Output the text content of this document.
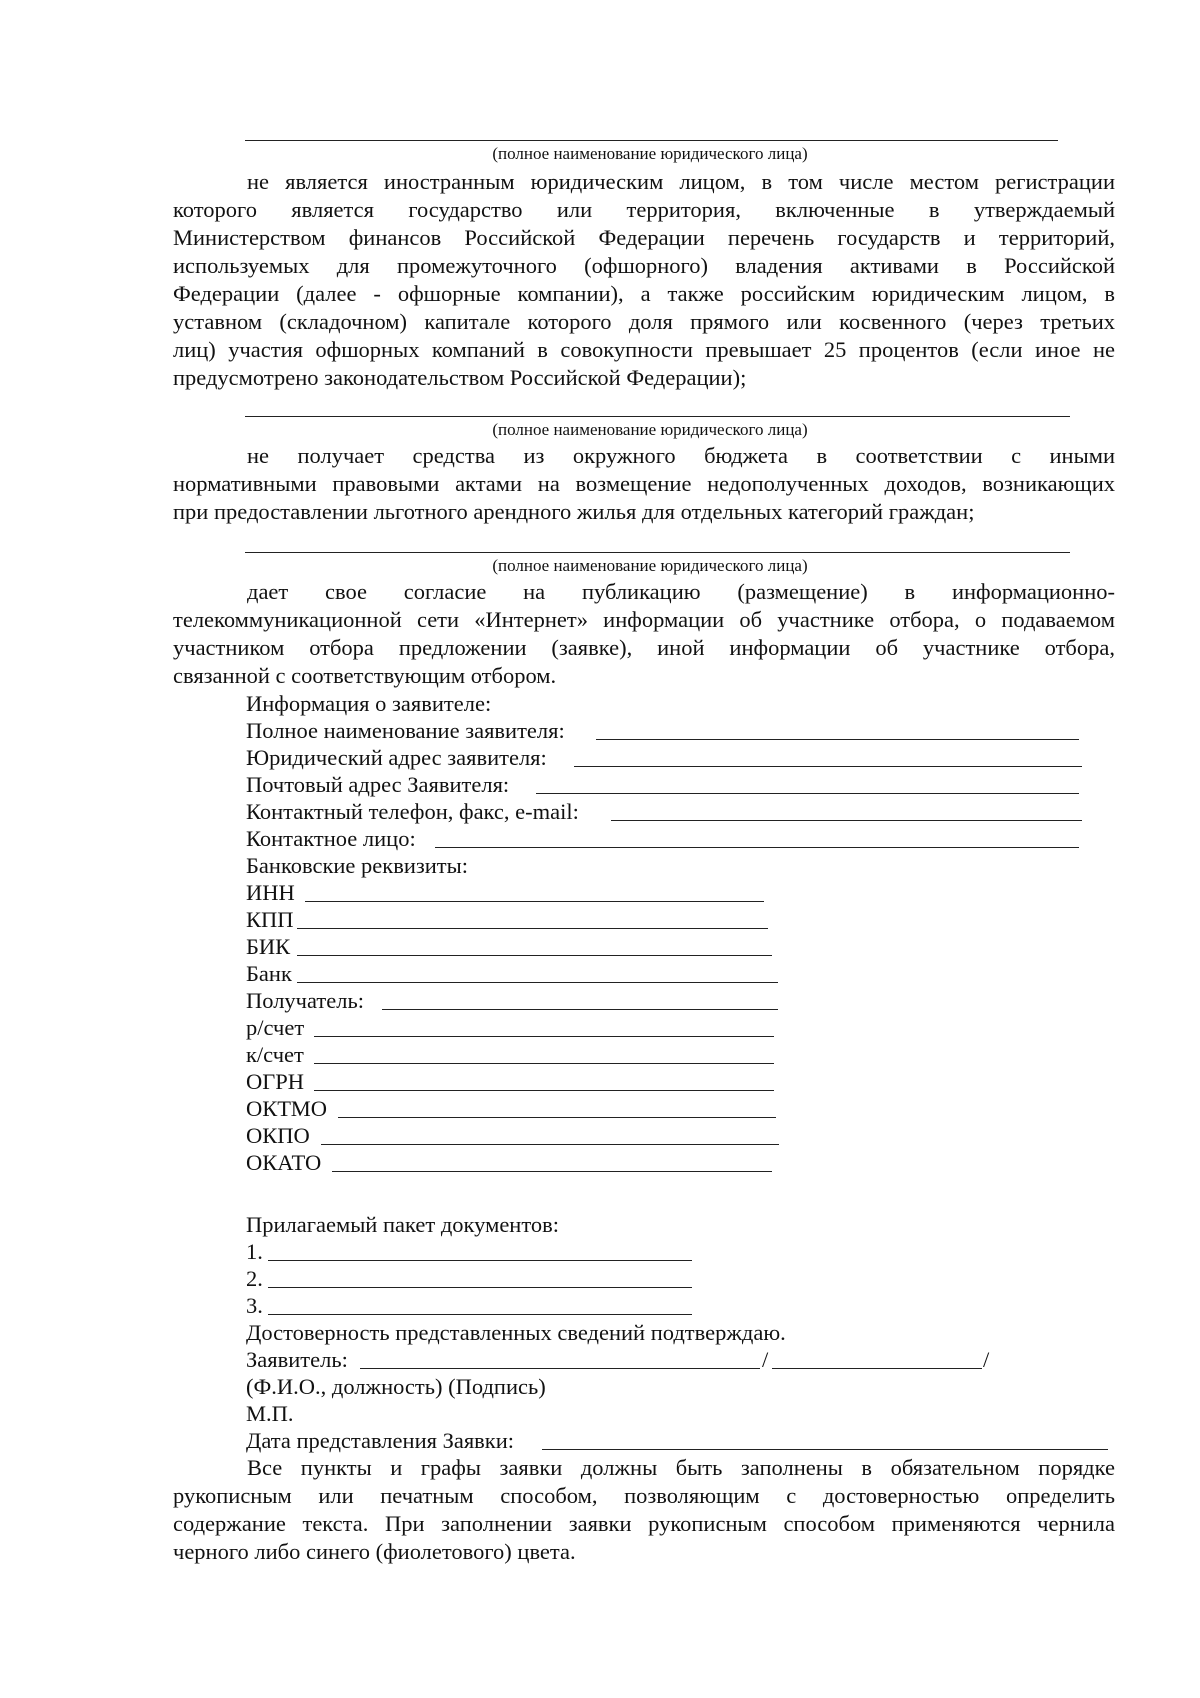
(полное наименование юридического лица)
не является иностранным юридическим лицом, в том числе местом регистрации
которого является государство или территория, включенные в утверждаемый
Министерством финансов Российской Федерации перечень государств и территорий,
используемых для промежуточного (офшорного) владения активами в Российской
Федерации (далее - офшорные компании), а также российским юридическим лицом, в
уставном (складочном) капитале которого доля прямого или косвенного (через третьих
лиц) участия офшорных компаний в совокупности превышает 25 процентов (если иное не
предусмотрено законодательством Российской Федерации);
(полное наименование юридического лица)
не получает средства из окружного бюджета в соответствии с иными
нормативными правовыми актами на возмещение недополученных доходов, возникающих
при предоставлении льготного арендного жилья для отдельных категорий граждан;
(полное наименование юридического лица)
дает свое согласие на публикацию (размещение) в информационно-
телекоммуникационной сети «Интернет» информации об участнике отбора, о подаваемом
участником отбора предложении (заявке), иной информации об участнике отбора,
связанной с соответствующим отбором.
Информация о заявителе:
Полное наименование заявителя:
Юридический адрес заявителя:
Почтовый адрес Заявителя:
Контактный телефон, факс, e-mail:
Контактное лицо:
Банковские реквизиты:
ИНН
КПП
БИК
Банк
Получатель:
р/счет
к/счет
ОГРН
ОКТМО
ОКПО
ОКАТО
Прилагаемый пакет документов:
1.
2.
3.
Достоверность представленных сведений подтверждаю.
Заявитель:	/	/
(Ф.И.О., должность) (Подпись)
М.П.
Дата представления Заявки:
Все пункты и графы заявки должны быть заполнены в обязательном порядке
рукописным или печатным способом, позволяющим с достоверностью определить
содержание текста. При заполнении заявки рукописным способом применяются чернила
черного либо синего (фиолетового) цвета.
